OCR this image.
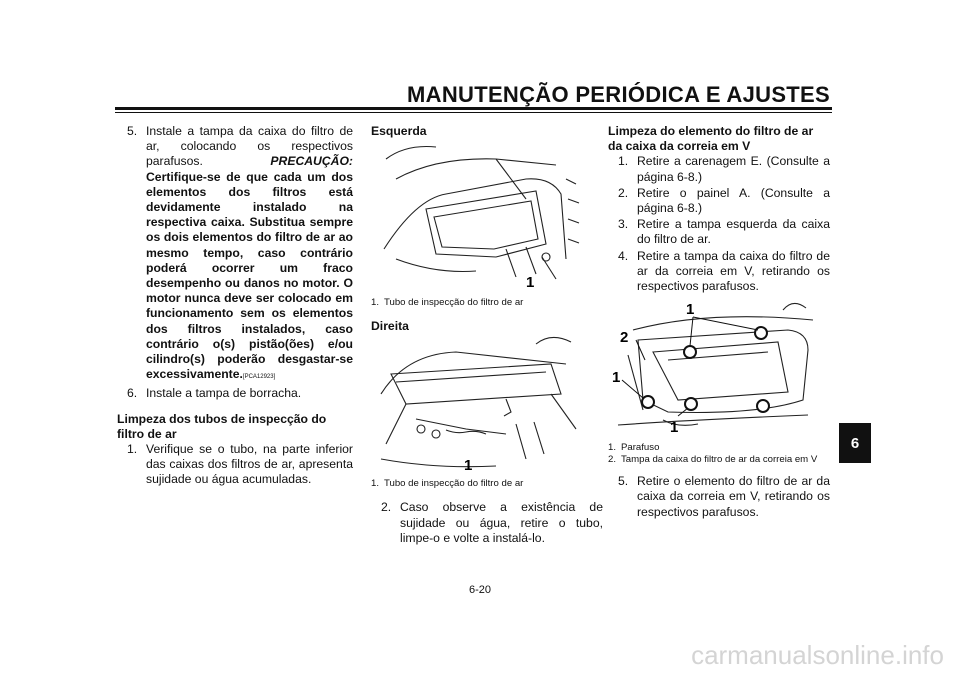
MANUTENÇÃO PERIÓDICA E AJUSTES
6
5. Instale a tampa da caixa do filtro de ar, colocando os respectivos parafusos.	PRECAUÇÃO: Certifique-se de que cada um dos elementos dos filtros está devidamente instalado na respectiva caixa. Substitua sempre os dois elementos do filtro de ar ao mesmo tempo, caso contrário poderá ocorrer um fraco desempenho ou danos no motor. O motor nunca deve ser colocado em funcionamento sem os elementos dos filtros instalados, caso contrário o(s) pistão(ões) e/ou cilindro(s) poderão desgastar-se excessivamente.[PCA12923]
6. Instale a tampa de borracha.
Limpeza dos tubos de inspecção do filtro de ar
1. Verifique se o tubo, na parte inferior das caixas dos filtros de ar, apresenta sujidade ou água acumuladas.
Esquerda
1
1. Tubo de inspecção do filtro de ar
Direita
1
1. Tubo de inspecção do filtro de ar
2. Caso observe a existência de sujidade ou água, retire o tubo, limpe-o e volte a instalá-lo.
Limpeza do elemento do filtro de ar da caixa da correia em V
1. Retire a carenagem E. (Consulte a página 6-8.)
2. Retire o painel A. (Consulte a página 6-8.)
3. Retire a tampa esquerda da caixa do filtro de ar.
4. Retire a tampa da caixa do filtro de ar da correia em V, retirando os respectivos parafusos.
1
2
1
1
1. Parafuso
2. Tampa da caixa do filtro de ar da correia em V
5. Retire o elemento do filtro de ar da caixa da correia em V, retirando os respectivos parafusos.
6-20
carmanualsonline.info
